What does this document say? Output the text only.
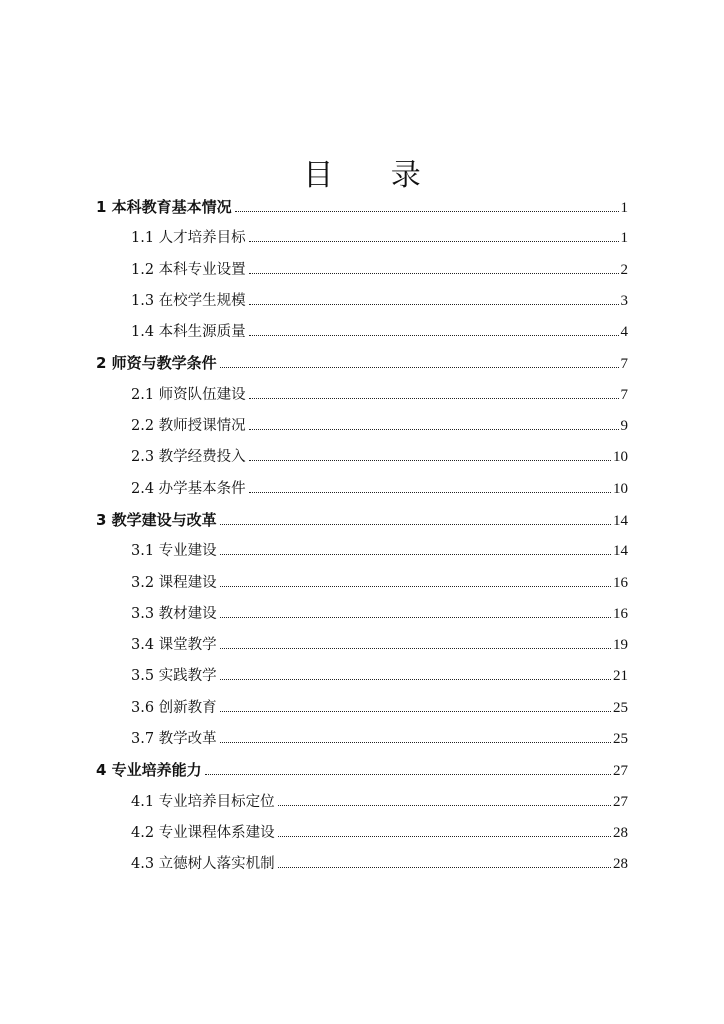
目 录
1 本科教育基本情况	1
1.1 人才培养目标	1
1.2 本科专业设置	2
1.3 在校学生规模	3
1.4 本科生源质量	4
2 师资与教学条件	7
2.1 师资队伍建设	7
2.2 教师授课情况	9
2.3 教学经费投入	10
2.4 办学基本条件	10
3 教学建设与改革	14
3.1 专业建设	14
3.2 课程建设	16
3.3 教材建设	16
3.4 课堂教学	19
3.5 实践教学	21
3.6 创新教育	25
3.7 教学改革	25
4 专业培养能力	27
4.1 专业培养目标定位	27
4.2 专业课程体系建设	28
4.3 立德树人落实机制	28
